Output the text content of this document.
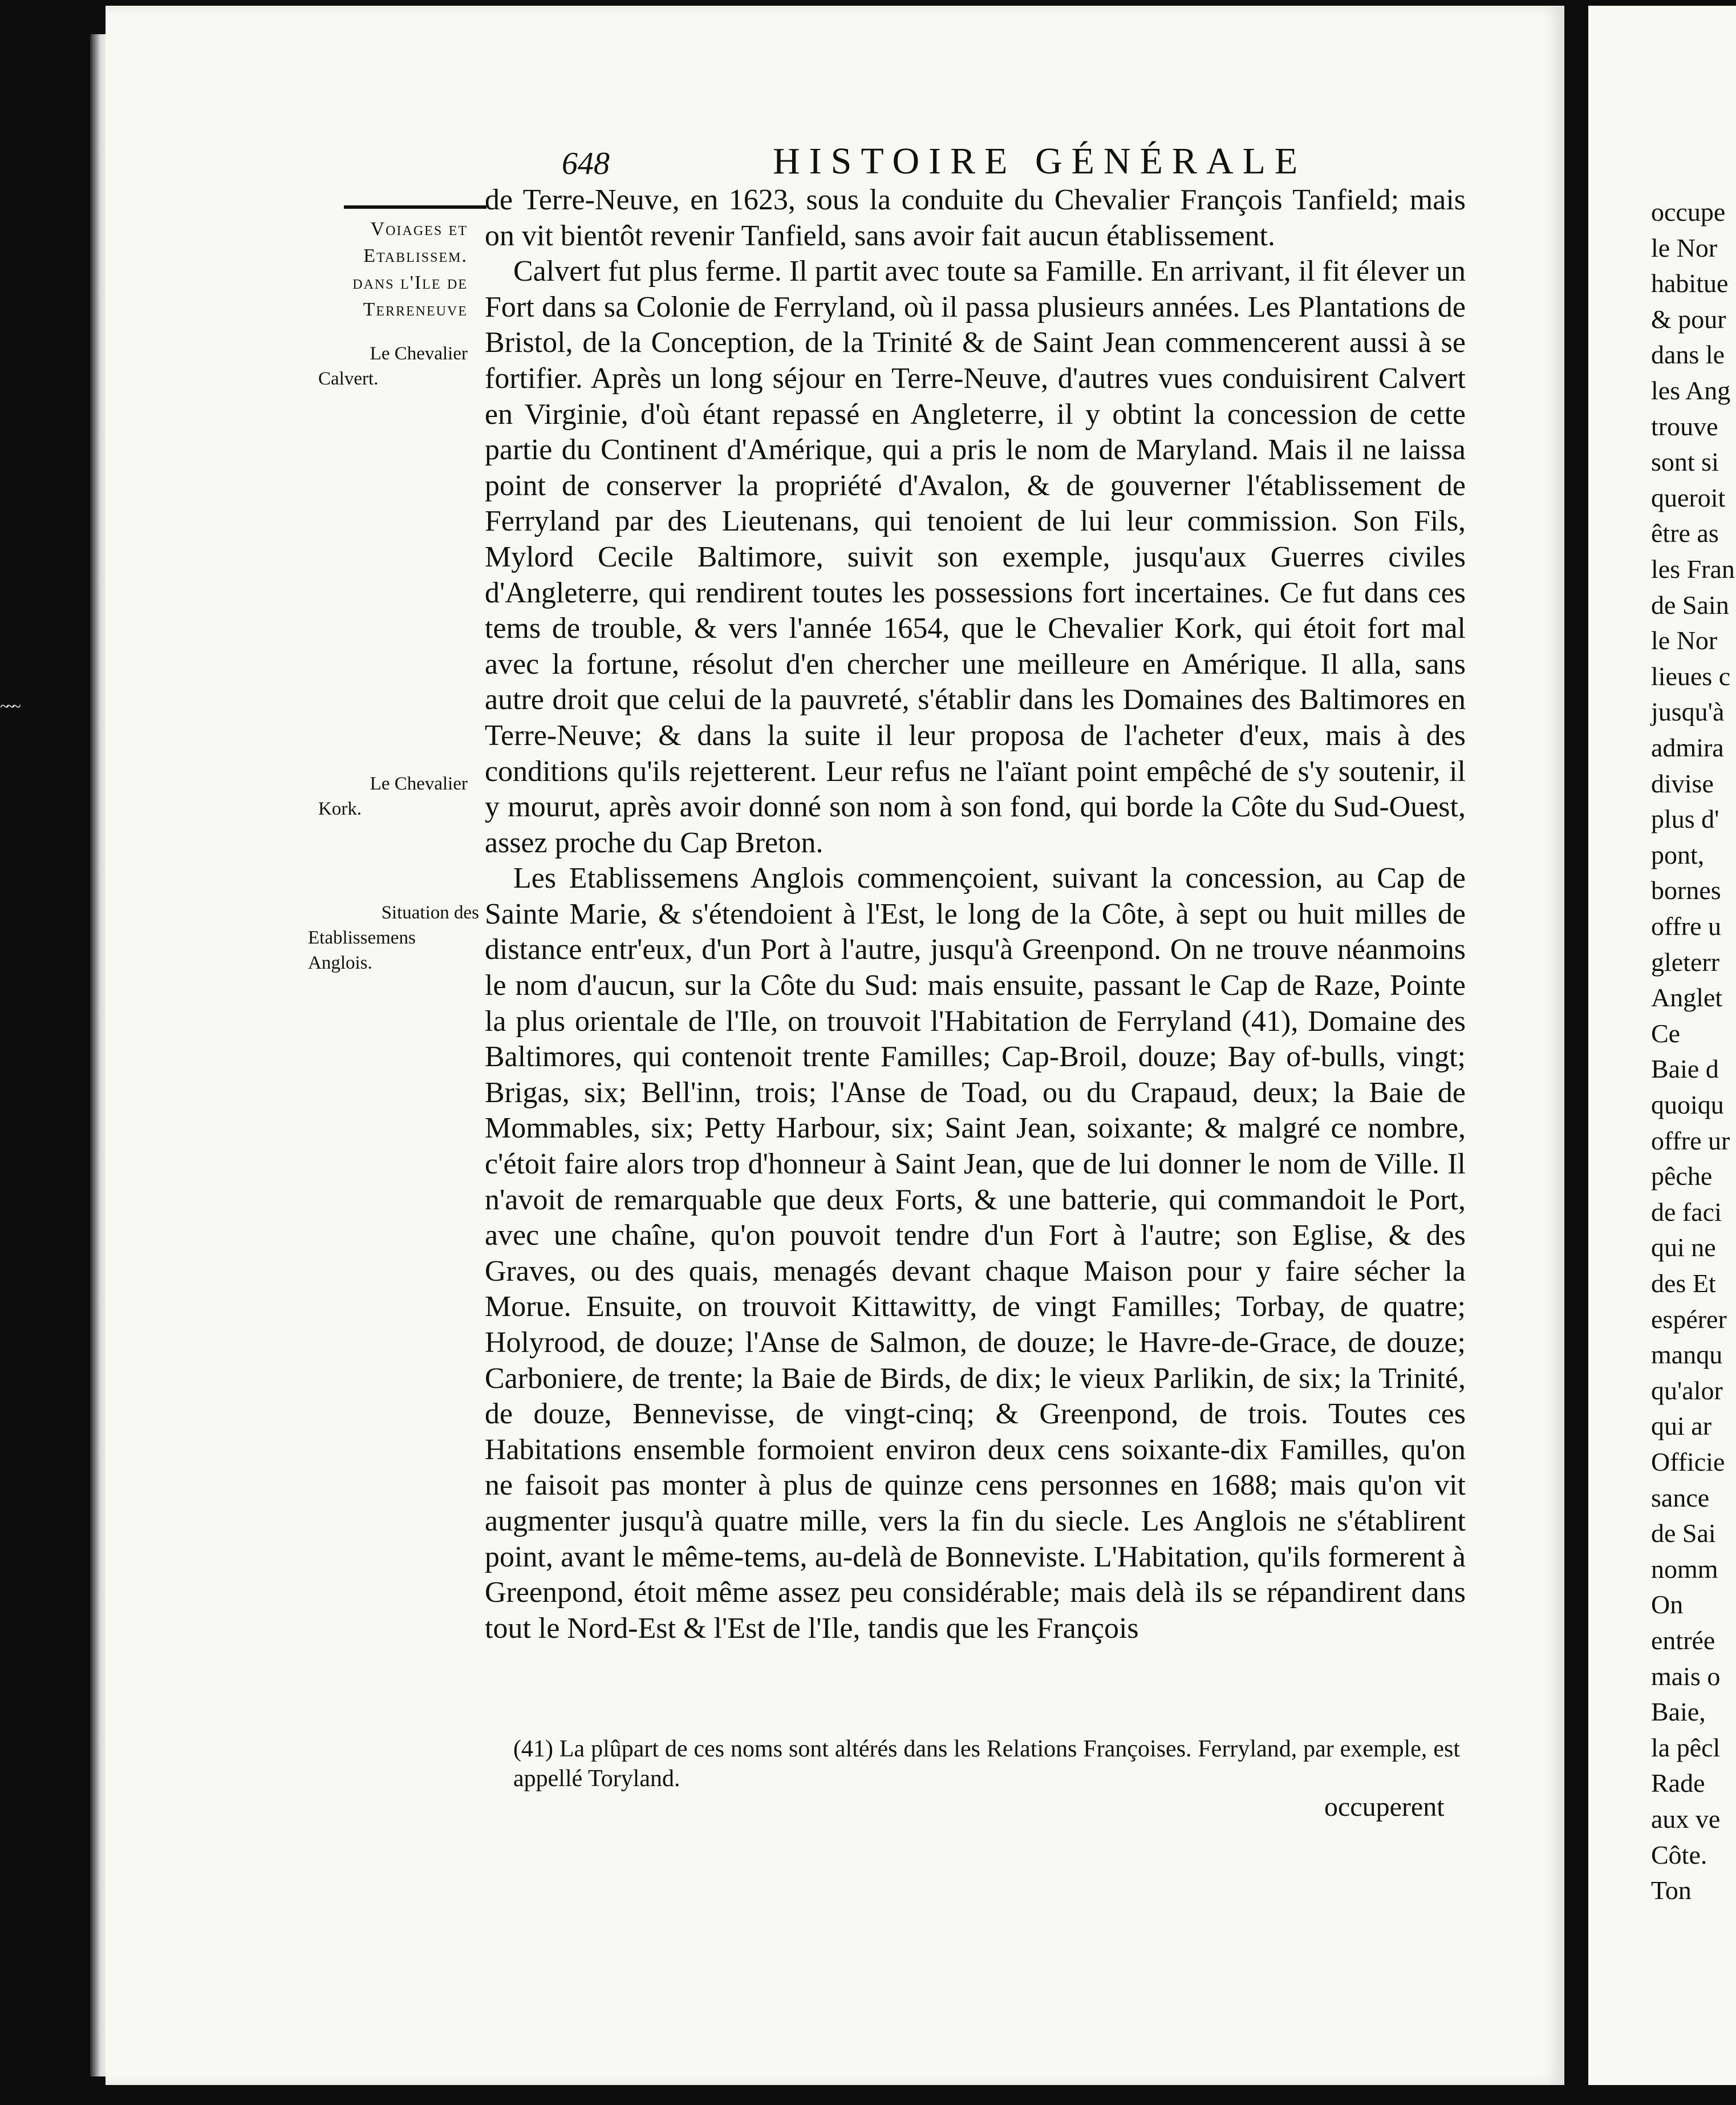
648	HISTOIRE GÉNÉRALE
Voiages et
Etablissem.
dans l'Ile de
Terreneuve
Le Chevalier
Calvert.
Le Chevalier
Kork.
Situation des
Etablissemens
Anglois.

de Terre-Neuve, en 1623, sous la conduite du Chevalier François Tanfield; mais on vit bientôt revenir Tanfield, sans avoir fait aucun établissement.

Calvert fut plus ferme. Il partit avec toute sa Famille. En arrivant, il fit élever un Fort dans sa Colonie de Ferryland, où il passa plusieurs années. Les Plantations de Bristol, de la Conception, de la Trinité & de Saint Jean commencerent aussi à se fortifier. Après un long séjour en Terre-Neuve, d'autres vues conduisirent Calvert en Virginie, d'où étant repassé en Angleterre, il y obtint la concession de cette partie du Continent d'Amérique, qui a pris le nom de Maryland. Mais il ne laissa point de conserver la propriété d'Avalon, & de gouverner l'établissement de Ferryland par des Lieutenans, qui tenoient de lui leur commission. Son Fils, Mylord Cecile Baltimore, suivit son exemple, jusqu'aux Guerres civiles d'Angleterre, qui rendirent toutes les possessions fort incertaines. Ce fut dans ces tems de trouble, & vers l'année 1654, que le Chevalier Kork, qui étoit fort mal avec la fortune, résolut d'en chercher une meilleure en Amérique. Il alla, sans autre droit que celui de la pauvreté, s'établir dans les Domaines des Baltimores en Terre-Neuve; & dans la suite il leur proposa de l'acheter d'eux, mais à des conditions qu'ils rejetterent. Leur refus ne l'aïant point empêché de s'y soutenir, il y mourut, après avoir donné son nom à son fond, qui borde la Côte du Sud-Ouest, assez proche du Cap Breton.

Les Etablissemens Anglois commençoient, suivant la concession, au Cap de Sainte Marie, & s'étendoient à l'Est, le long de la Côte, à sept ou huit milles de distance entr'eux, d'un Port à l'autre, jusqu'à Greenpond. On ne trouve néanmoins le nom d'aucun, sur la Côte du Sud: mais ensuite, passant le Cap de Raze, Pointe la plus orientale de l'Ile, on trouvoit l'Habitation de Ferryland (41), Domaine des Baltimores, qui contenoit trente Familles; Cap-Broil, douze; Bay of-bulls, vingt; Brigas, six; Bell'inn, trois; l'Anse de Toad, ou du Crapaud, deux; la Baie de Mommables, six; Petty Harbour, six; Saint Jean, soixante; & malgré ce nombre, c'étoit faire alors trop d'honneur à Saint Jean, que de lui donner le nom de Ville. Il n'avoit de remarquable que deux Forts, & une batterie, qui commandoit le Port, avec une chaîne, qu'on pouvoit tendre d'un Fort à l'autre; son Eglise, & des Graves, ou des quais, menagés devant chaque Maison pour y faire sécher la Morue. Ensuite, on trouvoit Kittawitty, de vingt Familles; Torbay, de quatre; Holyrood, de douze; l'Anse de Salmon, de douze; le Havre-de-Grace, de douze; Carboniere, de trente; la Baie de Birds, de dix; le vieux Parlikin, de six; la Trinité, de douze, Bennevisse, de vingt-cinq; & Greenpond, de trois. Toutes ces Habitations ensemble formoient environ deux cens soixante-dix Familles, qu'on ne faisoit pas monter à plus de quinze cens personnes en 1688; mais qu'on vit augmenter jusqu'à quatre mille, vers la fin du siecle. Les Anglois ne s'établirent point, avant le même-tems, au-delà de Bonneviste. L'Habitation, qu'ils formerent à Greenpond, étoit même assez peu considérable; mais delà ils se répandirent dans tout le Nord-Est & l'Est de l'Ile, tandis que les François

(41) La plûpart de ces noms sont altérés dans les Relations Françoises. Ferryland, par exemple, est appellé Toryland.
occuperent
occupe
le Nor
habitue
& pour
dans le
les Ang
trouve
sont si
queroit
être as
les Fran
de Sain
le Nor
lieues c
jusqu'à
admira
divise
plus d'
pont,
bornes
offre u
gleterr
Anglet
Ce
Baie d
quoiqu
offre ur
pêche
de faci
qui ne
des Et
espérer
manqu
qu'alor
qui ar
Officie
sance
de Sai
nomm
On
entrée
mais o
Baie,
la pêcl
Rade
aux ve
Côte.
Ton
~~~
